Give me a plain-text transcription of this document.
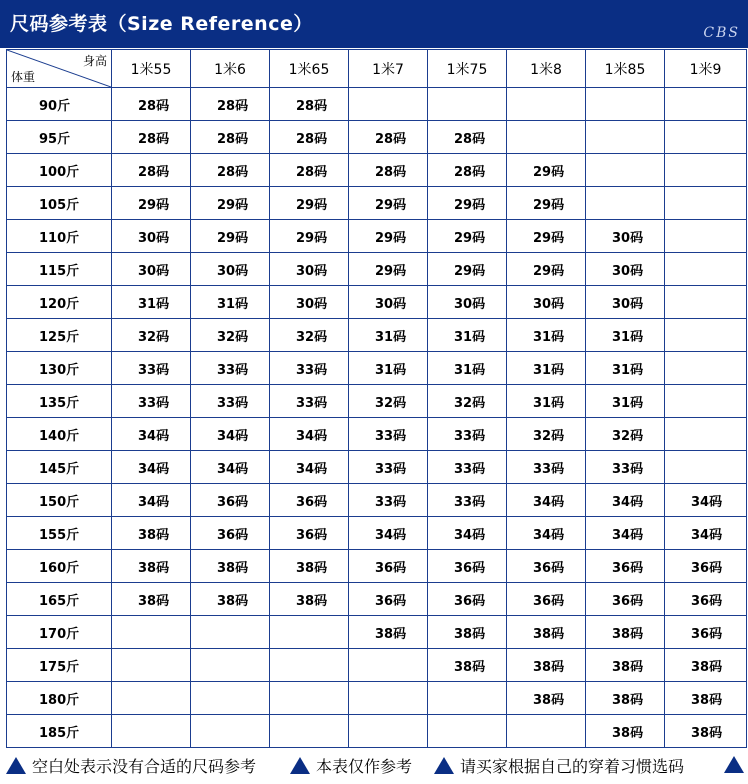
尺码参考表（Size Reference）	CBS
身高
体重	1米55	1米6	1米65	1米7	1米75	1米8	1米85	1米9
90斤	28码	28码	28码					
95斤	28码	28码	28码	28码	28码			
100斤	28码	28码	28码	28码	28码	29码		
105斤	29码	29码	29码	29码	29码	29码		
110斤	30码	29码	29码	29码	29码	29码	30码	
115斤	30码	30码	30码	29码	29码	29码	30码	
120斤	31码	31码	30码	30码	30码	30码	30码	
125斤	32码	32码	32码	31码	31码	31码	31码	
130斤	33码	33码	33码	31码	31码	31码	31码	
135斤	33码	33码	33码	32码	32码	31码	31码	
140斤	34码	34码	34码	33码	33码	32码	32码	
145斤	34码	34码	34码	33码	33码	33码	33码	
150斤	34码	36码	36码	33码	33码	34码	34码	34码
155斤	38码	36码	36码	34码	34码	34码	34码	34码
160斤	38码	38码	38码	36码	36码	36码	36码	36码
165斤	38码	38码	38码	36码	36码	36码	36码	36码
170斤				38码	38码	38码	38码	36码
175斤					38码	38码	38码	38码
180斤						38码	38码	38码
185斤							38码	38码
空白处表示没有合适的尺码参考	本表仅作参考	请买家根据自己的穿着习惯选码
